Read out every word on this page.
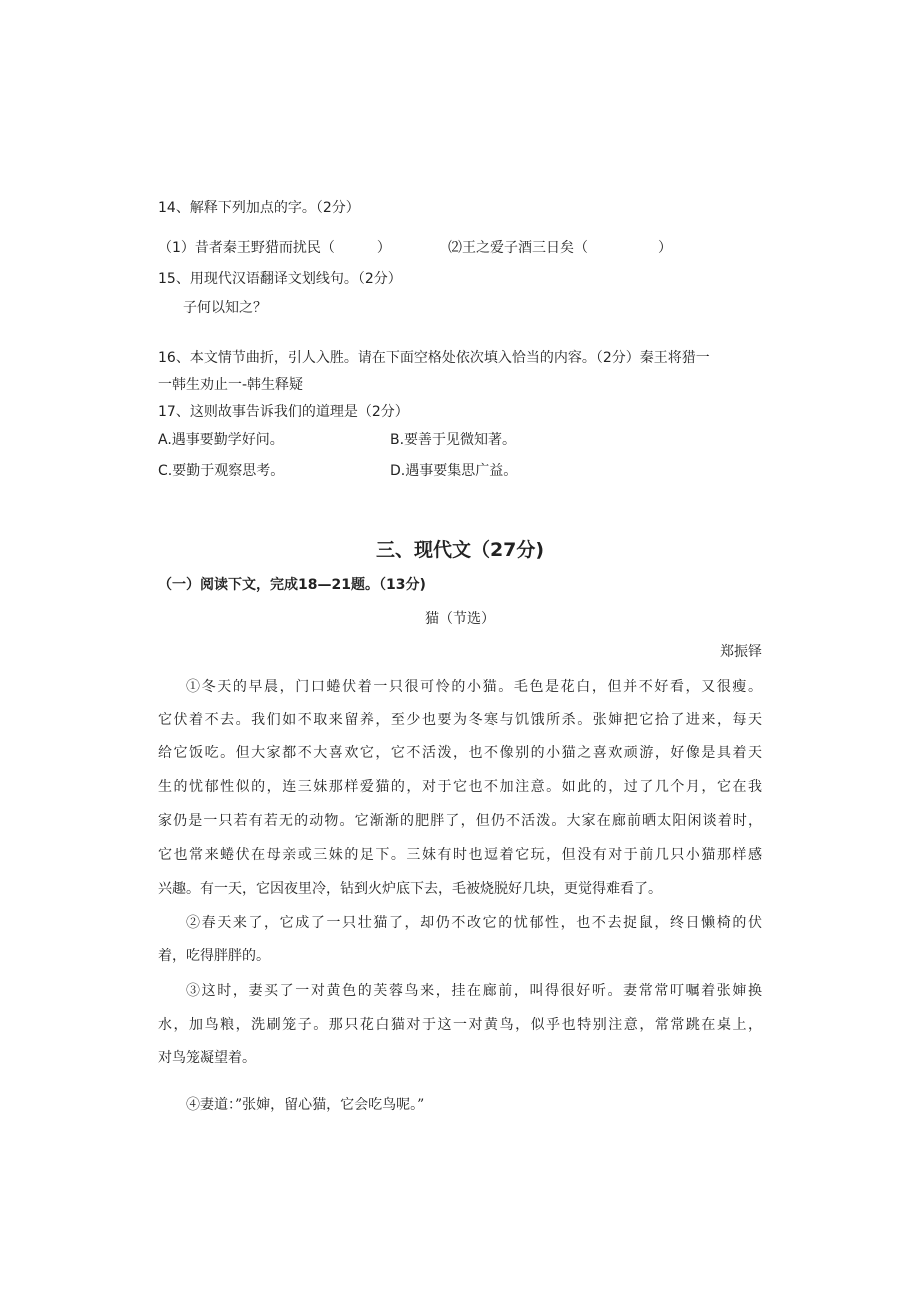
14、解释下列加点的字。（2分）
（1）昔者秦王野猎而扰民（　　　）	⑵王之爱子酒三日矣（　　　　　）
15、用现代汉语翻译文划线句。（2分）
子何以知之？
16、本文情节曲折，引人入胜。请在下面空格处依次填入恰当的内容。（2分）秦王将猎一
一韩生劝止一-韩生释疑
17、这则故事告诉我们的道理是（2分）
A.遇事要勤学好问。	B.要善于见微知著。
C.要勤于观察思考。	D.遇事要集思广益。
三、现代文（27分)
（一）阅读下文，完成18—21题。（13分)
猫（节选）
郑振铎
①冬天的早晨，门口蜷伏着一只很可怜的小猫。毛色是花白，但并不好看，又很瘦。
它伏着不去。我们如不取来留养，至少也要为冬寒与饥饿所杀。张婶把它拾了进来，每天
给它饭吃。但大家都不大喜欢它，它不活泼，也不像别的小猫之喜欢顽游，好像是具着天
生的忧郁性似的，连三妹那样爱猫的，对于它也不加注意。如此的，过了几个月，它在我
家仍是一只若有若无的动物。它渐渐的肥胖了，但仍不活泼。大家在廊前晒太阳闲谈着时，
它也常来蜷伏在母亲或三妹的足下。三妹有时也逗着它玩，但没有对于前几只小猫那样感
兴趣。有一天，它因夜里冷，钻到火炉底下去，毛被烧脱好几块，更觉得难看了。
②春天来了，它成了一只壮猫了，却仍不改它的忧郁性，也不去捉鼠，终日懒椅的伏
着，吃得胖胖的。
③这时，妻买了一对黄色的芙蓉鸟来，挂在廊前，叫得很好听。妻常常叮嘱着张婶换
水，加鸟粮，洗刷笼子。那只花白猫对于这一对黄鸟，似乎也特别注意，常常跳在桌上，
对鸟笼凝望着。
④妻道：”张婶，留心猫，它会吃鸟呢。”
